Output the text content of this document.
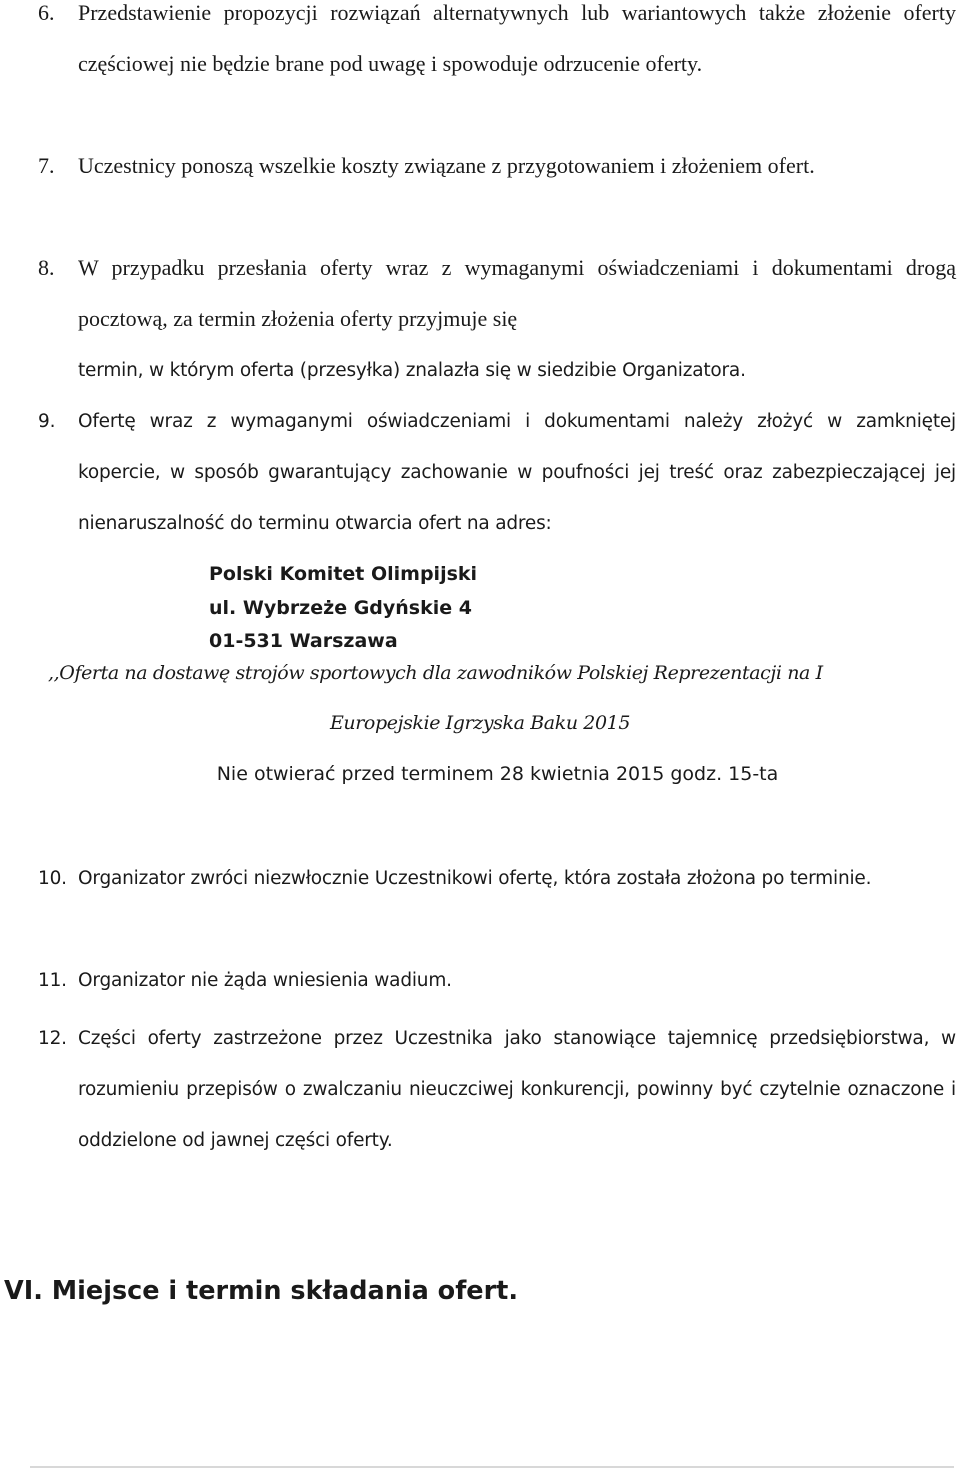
6. Przedstawienie propozycji rozwiązań alternatywnych lub wariantowych także złożenie oferty częściowej nie będzie brane pod uwagę i spowoduje odrzucenie oferty.
7. Uczestnicy ponoszą wszelkie koszty związane z przygotowaniem i złożeniem ofert.
8. W przypadku przesłania oferty wraz z wymaganymi oświadczeniami i dokumentami drogą pocztową, za termin złożenia oferty przyjmuje się
termin, w którym oferta (przesyłka) znalazła się w siedzibie Organizatora.
9. Ofertę wraz z wymaganymi oświadczeniami i dokumentami należy złożyć w zamkniętej kopercie, w sposób gwarantujący zachowanie w poufności jej treść oraz zabezpieczającej jej nienaruszalność do terminu otwarcia ofert na adres:
Polski Komitet Olimpijski
ul. Wybrzeże Gdyńskie 4
01-531 Warszawa
,,Oferta na dostawę strojów sportowych dla zawodników Polskiej Reprezentacji na I
Europejskie Igrzyska Baku 2015
Nie otwierać przed terminem 28 kwietnia 2015 godz. 15-ta
10. Organizator zwróci niezwłocznie Uczestnikowi ofertę, która została złożona po terminie.
11. Organizator nie żąda wniesienia wadium.
12. Części oferty zastrzeżone przez Uczestnika jako stanowiące tajemnicę przedsiębiorstwa, w rozumieniu przepisów o zwalczaniu nieuczciwej konkurencji, powinny być czytelnie oznaczone i oddzielone od jawnej części oferty.
VI. Miejsce i termin składania ofert.
